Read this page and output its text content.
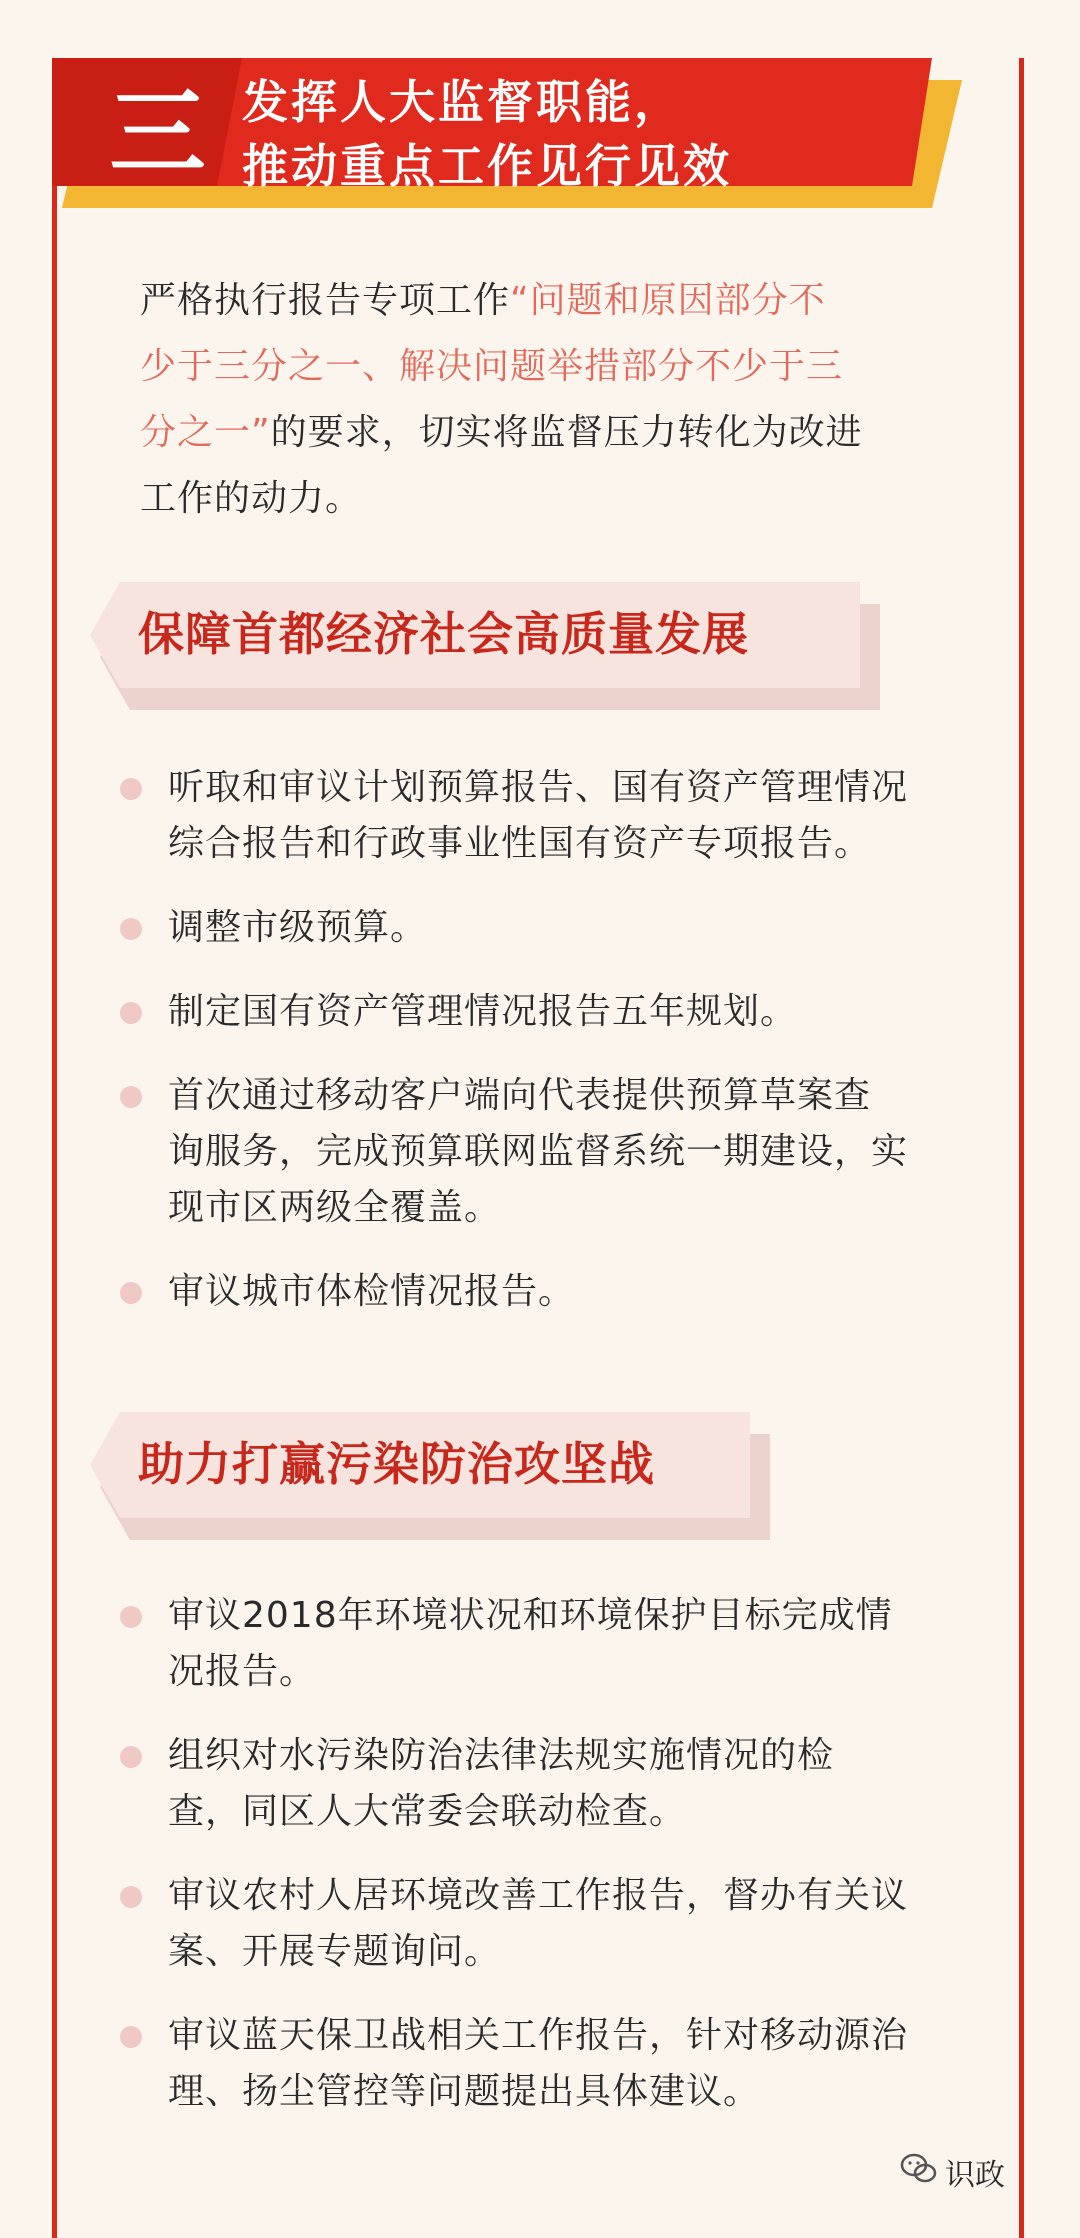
三 发挥人大监督职能，
推动重点工作见行见效
严格执行报告专项工作“问题和原因部分不
少于三分之一、解决问题举措部分不少于三
分之一”的要求，切实将监督压力转化为改进
工作的动力。
保障首都经济社会高质量发展
听取和审议计划预算报告、国有资产管理情况
综合报告和行政事业性国有资产专项报告。
调整市级预算。
制定国有资产管理情况报告五年规划。
首次通过移动客户端向代表提供预算草案查
询服务，完成预算联网监督系统一期建设，实
现市区两级全覆盖。
审议城市体检情况报告。
助力打赢污染防治攻坚战
审议2018年环境状况和环境保护目标完成情
况报告。
组织对水污染防治法律法规实施情况的检
查，同区人大常委会联动检查。
审议农村人居环境改善工作报告，督办有关议
案、开展专题询问。
审议蓝天保卫战相关工作报告，针对移动源治
理、扬尘管控等问题提出具体建议。
识政
